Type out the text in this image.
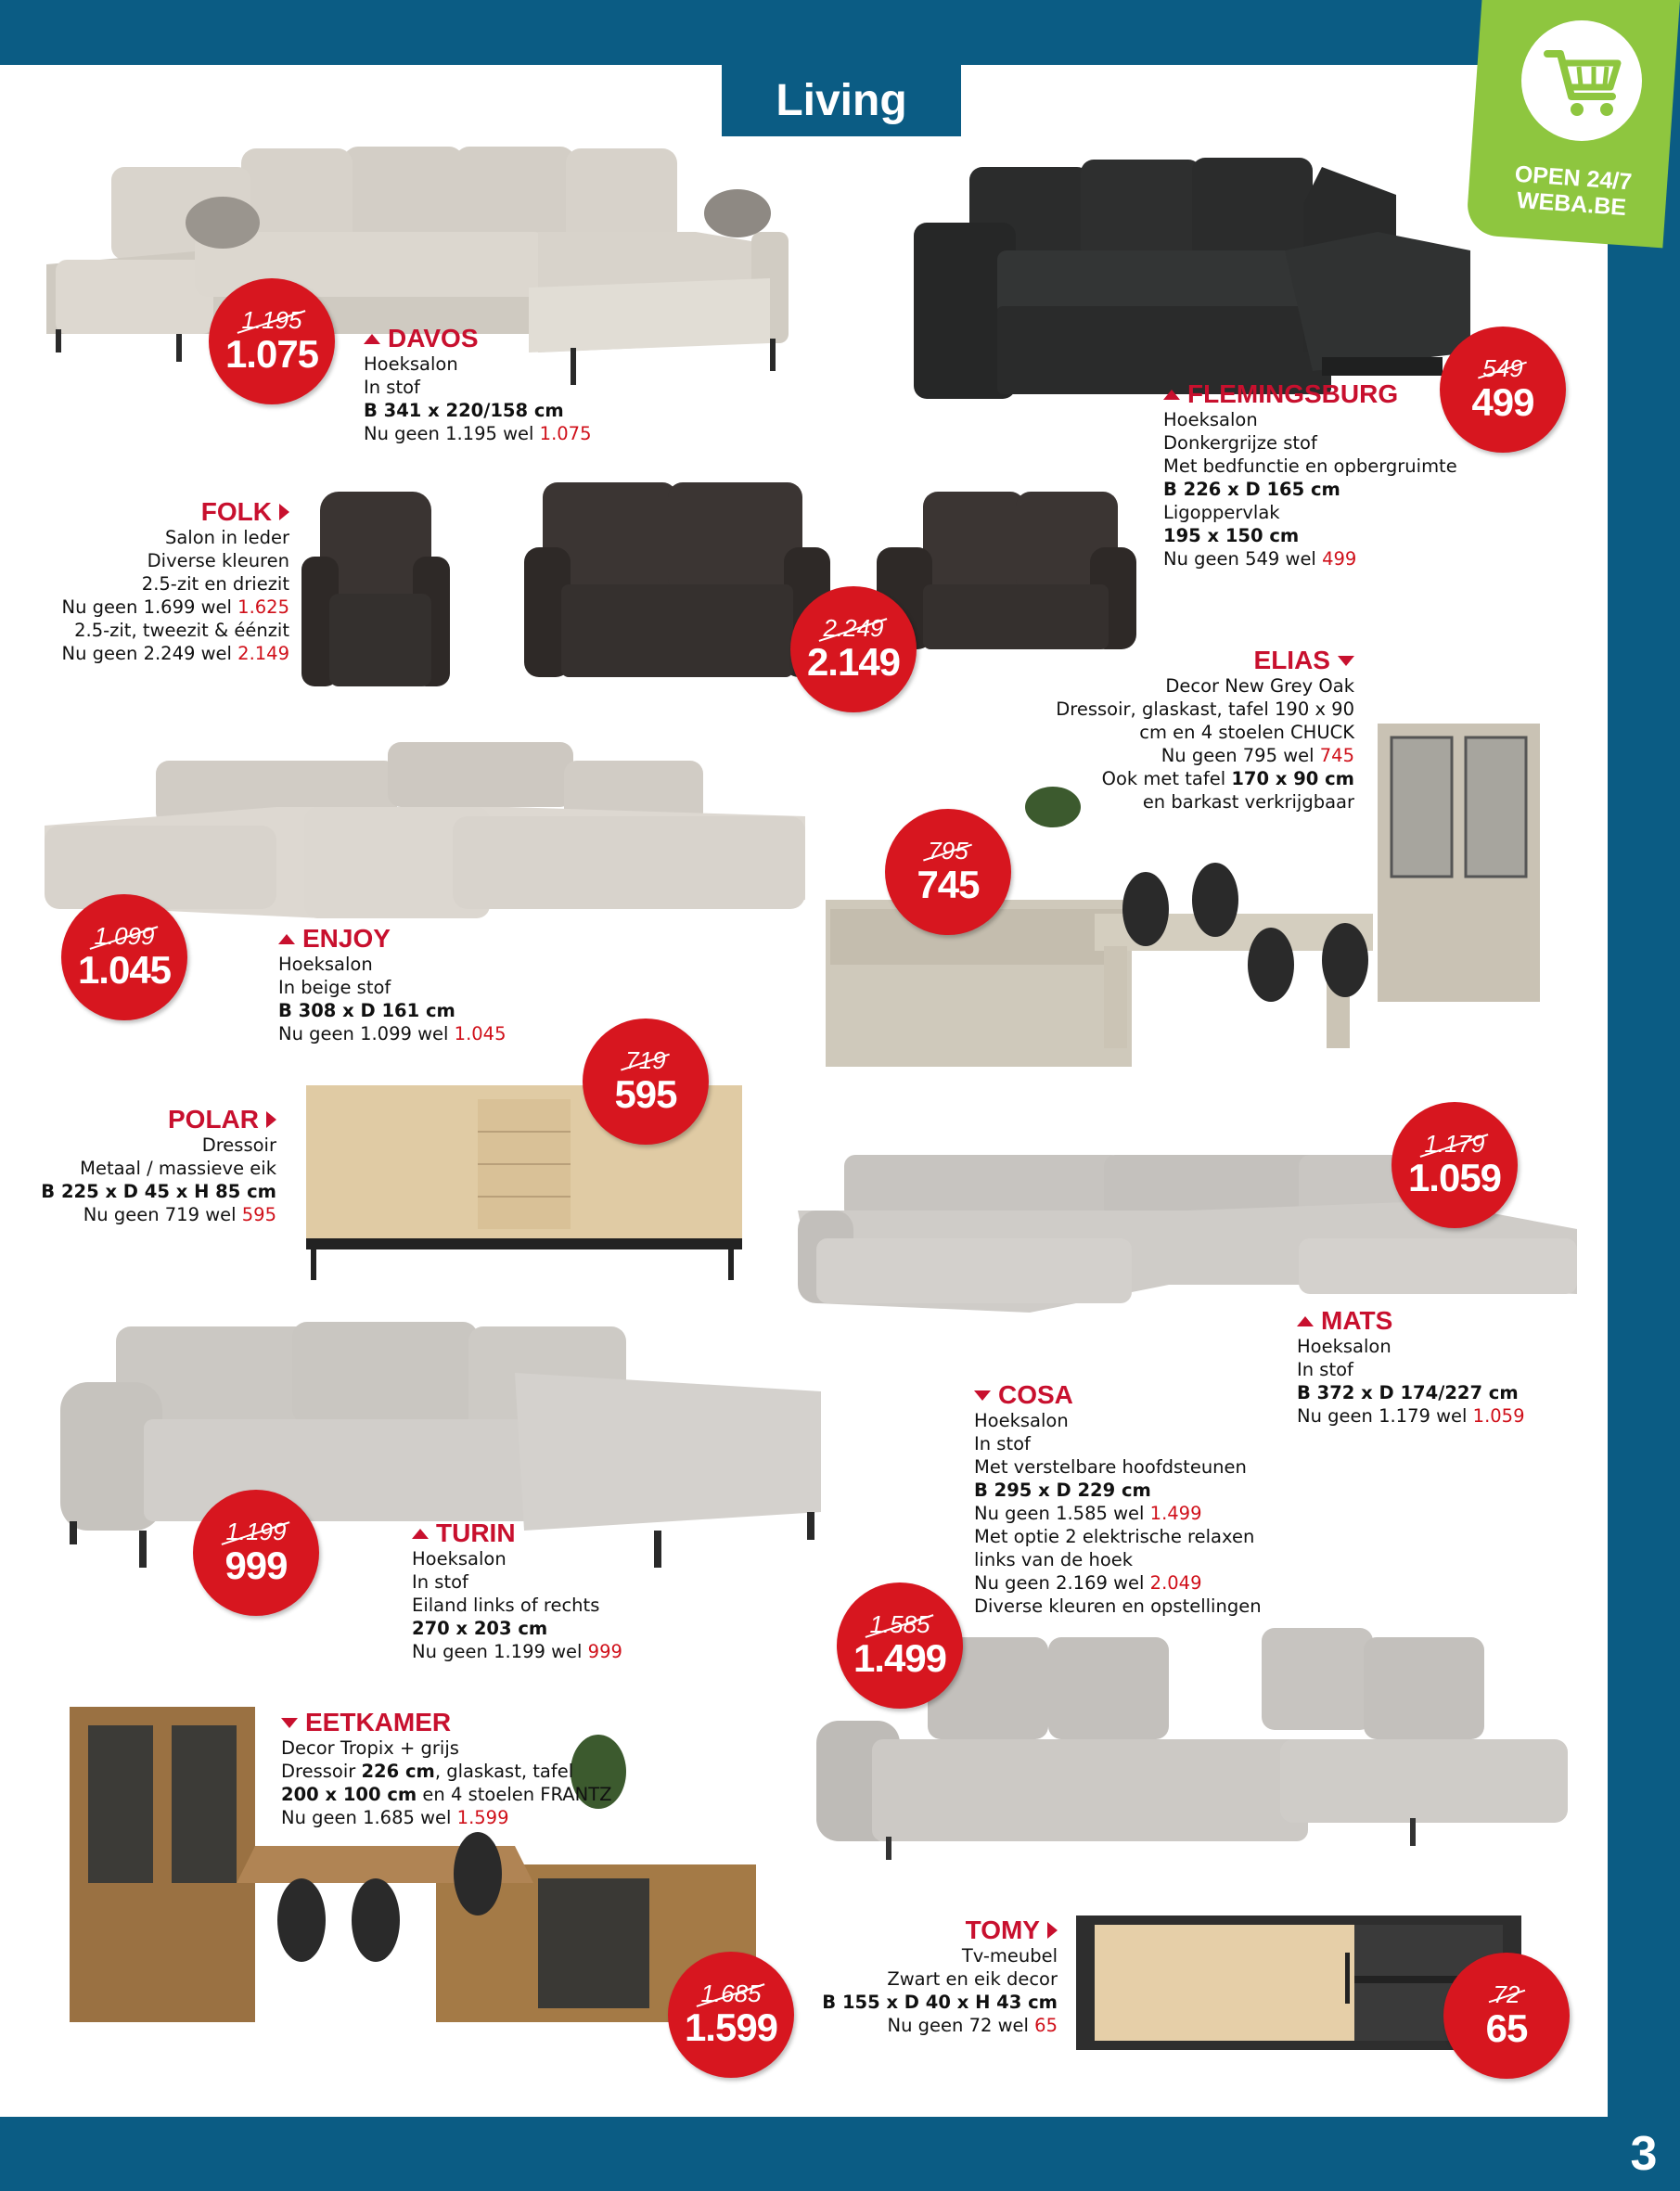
Living
3
OPEN 24/7
WEBA.BE
DAVOS
Hoeksalon
In stof
B 341 x 220/158 cm
Nu geen 1.195 wel 1.075
FLEMINGSBURG
Hoeksalon
Donkergrijze stof
Met bedfunctie en opbergruimte
B 226 x D 165 cm
Ligoppervlak
195 x 150 cm
Nu geen 549 wel 499
FOLK
Salon in leder
Diverse kleuren
2.5-zit en driezit
Nu geen 1.699 wel 1.625
2.5-zit, tweezit & éénzit
Nu geen 2.249 wel 2.149	ELIAS
Decor New Grey Oak
Dressoir, glaskast, tafel 190 x 90
cm en 4 stoelen CHUCK
Nu geen 795 wel 745
Ook met tafel 170 x 90 cm
en barkast verkrijgbaar
ENJOY
Hoeksalon
In beige stof
B 308 x D 161 cm
Nu geen 1.099 wel 1.045
POLAR
Dressoir
Metaal / massieve eik
B 225 x D 45 x H 85 cm
Nu geen 719 wel 595
MATS
Hoeksalon
In stof
B 372 x D 174/227 cm
Nu geen 1.179 wel 1.059
COSA
Hoeksalon
In stof
Met verstelbare hoofdsteunen
B 295 x D 229 cm
Nu geen 1.585 wel 1.499
Met optie 2 elektrische relaxen
links van de hoek
Nu geen 2.169 wel 2.049
Diverse kleuren en opstellingen
TURIN
Hoeksalon
In stof
Eiland links of rechts
270 x 203 cm
Nu geen 1.199 wel 999
EETKAMER
Decor Tropix + grijs
Dressoir 226 cm, glaskast, tafel
200 x 100 cm en 4 stoelen FRANTZ
Nu geen 1.685 wel 1.599
TOMY
Tv-meubel
Zwart en eik decor
B 155 x D 40 x H 43 cm
Nu geen 72 wel 65
1.195
1.075	549
499
2.249
2.149
795
745
1.099
1.045
719
595
1.179
1.059
1.199
999
1.585
1.499
1.685
1.599
72
65
